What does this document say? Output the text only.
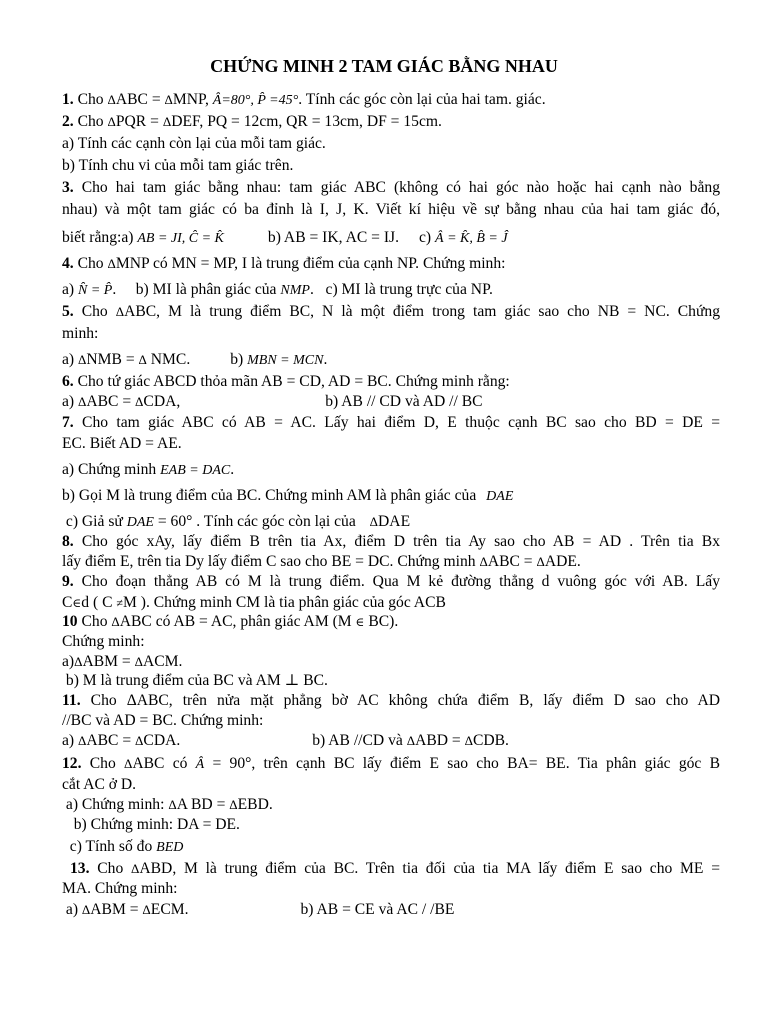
CHỨNG MINH 2 TAM GIÁC BẰNG NHAU
1. Cho ΔABC = ΔMNP, Â=80°, P̂ =45°. Tính các góc còn lại của hai tam. giác.
2. Cho ΔPQR = ΔDEF, PQ = 12cm, QR = 13cm, DF = 15cm.
a) Tính các cạnh còn lại của mỗi tam giác.
b) Tính chu vi của mỗi tam giác trên.
3. Cho hai tam giác bằng nhau: tam giác ABC (không có hai góc nào hoặc hai cạnh nào bằng
nhau) và một tam giác có ba đỉnh là I, J, K. Viết kí hiệu về sự bằng nhau của hai tam giác đó,
biết rằng:a) AB = JI, Ĉ = K̂	b) AB = IK, AC = IJ. c) Â = K̂, B̂ = Ĵ
4. Cho ΔMNP có MN = MP, I là trung điểm của cạnh NP. Chứng minh:
a) N̂ = P̂.     b) MI là phân giác của NMP.   c) MI là trung trực của NP.
5. Cho ΔABC, M là trung điểm BC, N là một điểm trong tam giác sao cho NB = NC. Chứng
minh:
a) ΔNMB = Δ NMC.	b) MBN = MCN.
6. Cho tứ giác ABCD thỏa mãn AB = CD, AD = BC. Chứng minh rằng:
a) ΔABC = ΔCDA,	b) AB // CD và AD // BC
7. Cho tam giác ABC có AB = AC. Lấy hai điểm D, E thuộc cạnh BC sao cho BD = DE =
EC. Biết AD = AE.
a) Chứng minh EAB = DAC.
b) Gọi M là trung điểm của BC. Chứng minh AM là phân giác của DAE
c) Giả sử DAE = 60° . Tính các góc còn lại của ΔDAE
8. Cho góc xAy, lấy điểm B trên tia Ax, điểm D trên tia Ay sao cho AB = AD . Trên tia Bx
lấy điểm E, trên tia Dy lấy điểm C sao cho BE = DC. Chứng minh ΔABC = ΔADE.
9. Cho đoạn thẳng AB có M là trung điểm. Qua M kẻ đường thẳng d vuông góc với AB. Lấy
C∈d ( C ≠M ). Chứng minh CM là tia phân giác của góc ACB
10 Cho ΔABC có AB = AC, phân giác AM (M ∈ BC).
Chứng minh:
a)ΔABM = ΔACM.
b) M là trung điểm của BC và AM ⊥ BC.
11. Cho ΔABC, trên nửa mặt phẳng bờ AC không chứa điểm B, lấy điểm D sao cho AD
//BC và AD = BC. Chứng minh:
a) ΔABC = ΔCDA.	b) AB //CD và ΔABD = ΔCDB.
12. Cho ΔABC có Â = 90°, trên cạnh BC lấy điểm E sao cho BA= BE. Tia phân giác góc B
cắt AC ở D.
a) Chứng minh: ΔA BD = ΔEBD.
b) Chứng minh: DA = DE.
c) Tính số đo BED
13. Cho ΔABD, M là trung điểm của BC. Trên tia đối của tia MA lấy điểm E sao cho ME =
MA. Chứng minh:
a) ΔABM = ΔECM.	b) AB = CE và AC / /BE
